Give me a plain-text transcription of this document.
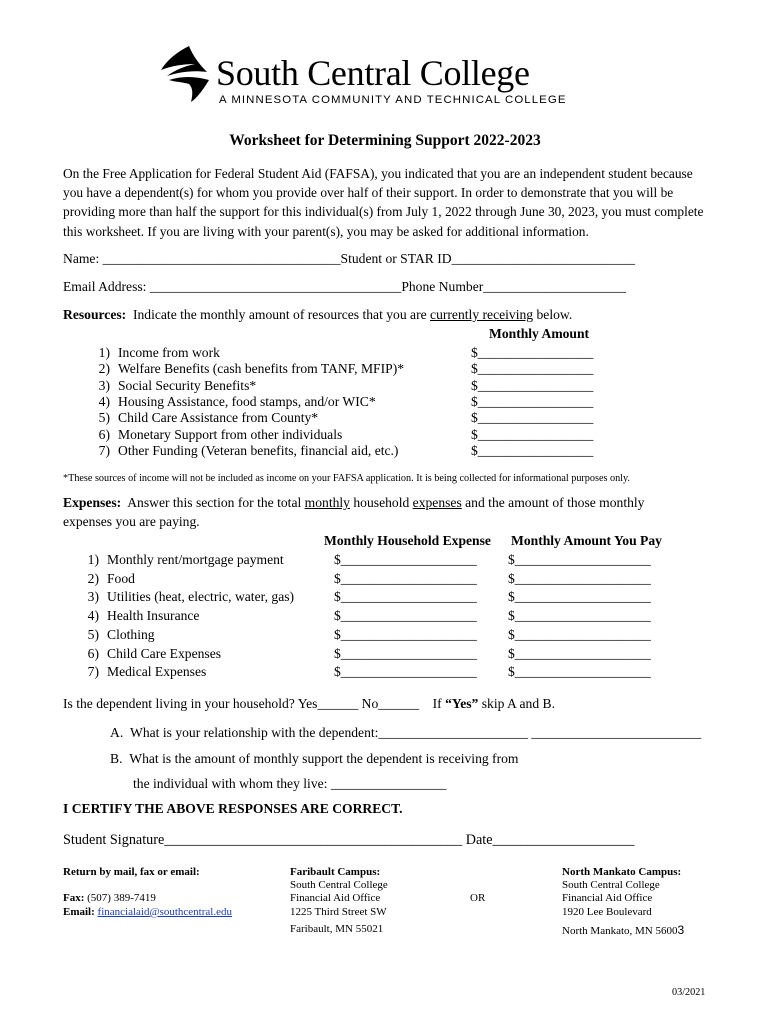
South Central College
A MINNESOTA COMMUNITY AND TECHNICAL COLLEGE
Worksheet for Determining Support 2022-2023
On the Free Application for Federal Student Aid (FAFSA), you indicated that you are an independent student because you have a dependent(s) for whom you provide over half of their support. In order to demonstrate that you will be providing more than half the support for this individual(s) from July 1, 2022 through June 30, 2023, you must complete this worksheet. If you are living with your parent(s), you may be asked for additional information.
Name: ___________________________________Student or STAR ID___________________________
Email Address: _____________________________________Phone Number_____________________
Resources: Indicate the monthly amount of resources that you are currently receiving below.
Monthly Amount
1) Income from work	$_________________
2) Welfare Benefits (cash benefits from TANF, MFIP)*	$_________________
3) Social Security Benefits*	$_________________
4) Housing Assistance, food stamps, and/or WIC*	$_________________
5) Child Care Assistance from County*	$_________________
6) Monetary Support from other individuals	$_________________
7) Other Funding (Veteran benefits, financial aid, etc.)	$_________________
*These sources of income will not be included as income on your FAFSA application. It is being collected for informational purposes only.
Expenses: Answer this section for the total monthly household expenses and the amount of those monthly
expenses you are paying.
Monthly Household Expense Monthly Amount You Pay
1) Monthly rent/mortgage payment	$____________________ $____________________
2) Food	$____________________ $____________________
3) Utilities (heat, electric, water, gas)	$____________________ $____________________
4) Health Insurance	$____________________ $____________________
5) Clothing	$____________________ $____________________
6) Child Care Expenses	$____________________ $____________________
7) Medical Expenses	$____________________ $____________________
Is the dependent living in your household? Yes______ No______ If “Yes” skip A and B.
A. What is your relationship with the dependent:______________________ _________________________
B. What is the amount of monthly support the dependent is receiving from
the individual with whom they live: _________________
I CERTIFY THE ABOVE RESPONSES ARE CORRECT.
Student Signature__________________________________________ Date____________________
Return by mail, fax or email:
Fax: (507) 389-7419
Email: financialaid@southcentral.edu
Faribault Campus:
South Central College
Financial Aid Office
1225 Third Street SW
Faribault, MN 55021
OR
North Mankato Campus:
South Central College
Financial Aid Office
1920 Lee Boulevard
North Mankato, MN 56003
03/2021
